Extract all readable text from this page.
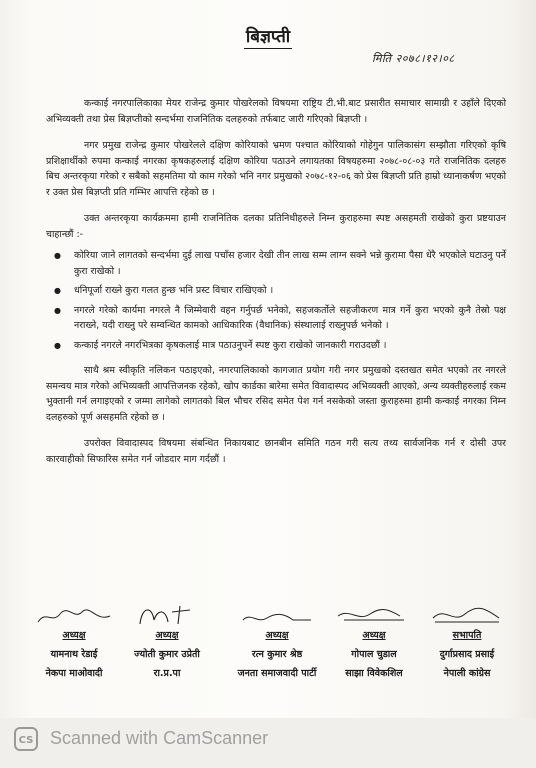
बिज्ञप्ती
मिति २०७८।१२।०८

कन्काई नगरपालिकाका मेयर राजेन्द्र कुमार पोखरेलको विषयमा राष्ट्रिय टी.भी.बाट प्रसारीत समाचार सामाग्री र उहाँले दिएको अभिव्यक्ती तथा प्रेस बिज्ञप्तीको सन्दर्भमा राजनितिक दलहरुको तर्फबाट जारी गरिएको बिज्ञप्ती ।

नगर प्रमुख राजेन्द्र कुमार पोखरेलले दक्षिण कोरियाको भ्रमण पश्चात कोरियाको गोहेगुन पालिकासंग सम्झौता गरिएको कृषि प्रशिक्षार्थीको रुपमा कन्काई नगरका कृषकहरुलाई दक्षिण कोरिया पठाउने लगायतका विषयहरुमा २०७८-०८-०३ गते राजनितिक दलहरु बिच अन्तरकृया गरेको र सबैको सहमतिमा यो काम गरेको भनि नगर प्रमुखको २०७८-१२-०६ को प्रेस बिज्ञप्ती प्रति हाम्रो ध्यानाकर्षण भएको र उक्त प्रेस बिज्ञप्ती प्रति गम्भिर आपत्ति रहेको छ ।

उक्त अन्तरकृया कार्यक्रममा हामी राजनितिक दलका प्रतिनिधीहरुले निम्न कुराहरुमा स्पष्ट असहमती राखेको कुरा प्रष्टयाउन चाहान्छौं :-

● कोरिया जाने लागतको सन्दर्भमा दुई लाख पचाँस हजार देखी तीन लाख सम्म लाग्न सक्ने भन्ने कुरामा पैसा धेरै भएकोले घटाउनु पर्ने कुरा राखेको ।
● धनिपूर्जा राख्ने कुरा गलत हुन्छ भनि प्रस्ट विचार राखिएको ।
● नगरले गरेको कार्यमा नगरले नै जिम्मेवारी वहन गर्नुपर्छ भनेको, सहजकर्तोले सहजीकरण मात्र गर्ने कुरा भएको कुनै तेस्रो पक्ष नराख्ने, यदी राख्नु परे सम्वन्धित कामको आधिकारिक (वैधानिक) संस्थालाई राख्नुपर्छ भनेको ।
● कन्काई नगरले नगरभित्रका कृषकलाई मात्र पठाउनुपर्ने स्पष्ट कुरा राखेको जानकारी गराउदछौं ।

साथै श्रम स्वीकृति नलिकन पठाइएको, नगरपालिकाको कागजात प्रयोग गरी नगर प्रमुखको दस्तखत समेत भएको तर नगरले समन्वय मात्र गरेको अभिव्यक्ती आपत्तिजनक रहेको, खोप कार्डका बारेमा समेत विवादास्पद अभिव्यक्ती आएको, अन्य व्यक्तीहरुलाई रकम भुक्तानी गर्न लगाइएको र जम्मा लागेको लागतको बिल भौचर रसिद समेत पेश गर्न नसकेको जस्ता कुराहरुमा हामी कन्काई नगरका निम्न दलहरुको पूर्ण असहमति रहेको छ ।

उपरोक्त विवादास्पद विषयमा संबन्धित निकायबाट छानबीन समिति गठन गरी सत्य तथ्य सार्वजनिक गर्न र दोसी उपर कारवाहीको सिफारिस समेत गर्न जोडदार माग गर्दछौं ।

अध्यक्ष
यामनाथ रेडाई
नेकपा माओवादी
अध्यक्ष
ज्योती कुमार उप्रेती
रा.प्र.पा
अध्यक्ष
रत्न कुमार श्रेष्ठ
जनता समाजवादी पार्टी
अध्यक्ष
गोपाल चुडाल
साझा विवेकशिल
सभापति
दुर्गाप्रसाद प्रसाई
नेपाली कांग्रेस
CS Scanned with CamScanner
